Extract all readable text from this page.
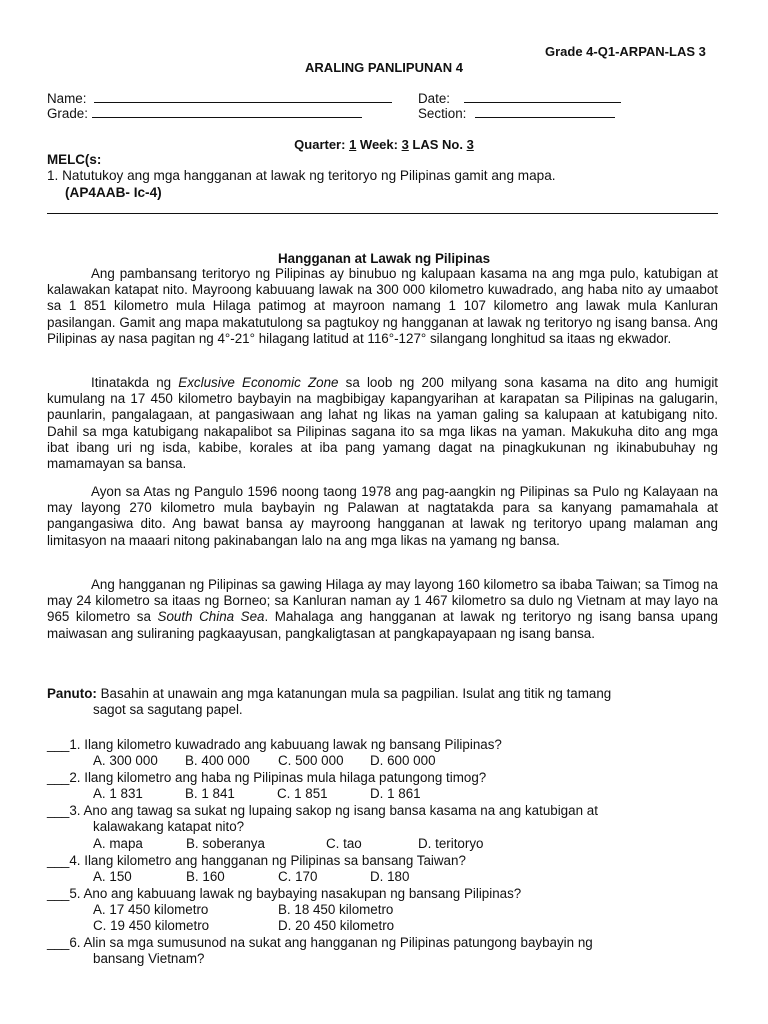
Grade 4-Q1-ARPAN-LAS 3
ARALING PANLIPUNAN 4
Name:	Date:
Grade:	Section:
Quarter: 1 Week: 3 LAS No. 3
MELC(s:
1. Natutukoy ang mga hangganan at lawak ng teritoryo ng Pilipinas gamit ang mapa.
(AP4AAB- Ic-4)
Hangganan at Lawak ng Pilipinas
Ang pambansang teritoryo ng Pilipinas ay binubuo ng kalupaan kasama na ang mga pulo, katubigan at kalawakan katapat nito. Mayroong kabuuang lawak na 300 000 kilometro kuwadrado, ang haba nito ay umaabot sa 1 851 kilometro mula Hilaga patimog at mayroon namang 1 107 kilometro ang lawak mula Kanluran pasilangan. Gamit ang mapa makatutulong sa pagtukoy ng hangganan at lawak ng teritoryo ng isang bansa. Ang Pilipinas ay nasa pagitan ng 4°-21° hilagang latitud at 116°-127° silangang longhitud sa itaas ng ekwador.
Itinatakda ng Exclusive Economic Zone sa loob ng 200 milyang sona kasama na dito ang humigit kumulang na 17 450 kilometro baybayin na magbibigay kapangyarihan at karapatan sa Pilipinas na galugarin, paunlarin, pangalagaan, at pangasiwaan ang lahat ng likas na yaman galing sa kalupaan at katubigang nito. Dahil sa mga katubigang nakapalibot sa Pilipinas sagana ito sa mga likas na yaman. Makukuha dito ang mga ibat ibang uri ng isda, kabibe, korales at iba pang yamang dagat na pinagkukunan ng ikinabubuhay ng mamamayan sa bansa.
Ayon sa Atas ng Pangulo 1596 noong taong 1978 ang pag-aangkin ng Pilipinas sa Pulo ng Kalayaan na may layong 270 kilometro mula baybayin ng Palawan at nagtatakda para sa kanyang pamamahala at pangangasiwa dito. Ang bawat bansa ay mayroong hangganan at lawak ng teritoryo upang malaman ang limitasyon na maaari nitong pakinabangan lalo na ang mga likas na yamang ng bansa.
Ang hangganan ng Pilipinas sa gawing Hilaga ay may layong 160 kilometro sa ibaba Taiwan; sa Timog na may 24 kilometro sa itaas ng Borneo; sa Kanluran naman ay 1 467 kilometro sa dulo ng Vietnam at may layo na 965 kilometro sa South China Sea. Mahalaga ang hangganan at lawak ng teritoryo ng isang bansa upang maiwasan ang suliraning pagkaayusan, pangkaligtasan at pangkapayapaan ng isang bansa.
Panuto: Basahin at unawain ang mga katanungan mula sa pagpilian. Isulat ang titik ng tamang
sagot sa sagutang papel.
___1. Ilang kilometro kuwadrado ang kabuuang lawak ng bansang Pilipinas?
A. 300 000 B. 400 000 C. 500 000 D. 600 000
___2. Ilang kilometro ang haba ng Pilipinas mula hilaga patungong timog?
A. 1 831	B. 1 841	C. 1 851	D. 1 861
___3. Ano ang tawag sa sukat ng lupaing sakop ng isang bansa kasama na ang katubigan at
kalawakang katapat nito?
A. mapa	B. soberanya	C. tao	D. teritoryo
___4. Ilang kilometro ang hangganan ng Pilipinas sa bansang Taiwan?
A. 150	B. 160	C. 170	D. 180
___5. Ano ang kabuuang lawak ng baybaying nasakupan ng bansang Pilipinas?
A. 17 450 kilometro	B. 18 450 kilometro
C. 19 450 kilometro	D. 20 450 kilometro
___6. Alin sa mga sumusunod na sukat ang hangganan ng Pilipinas patungong baybayin ng
bansang Vietnam?
